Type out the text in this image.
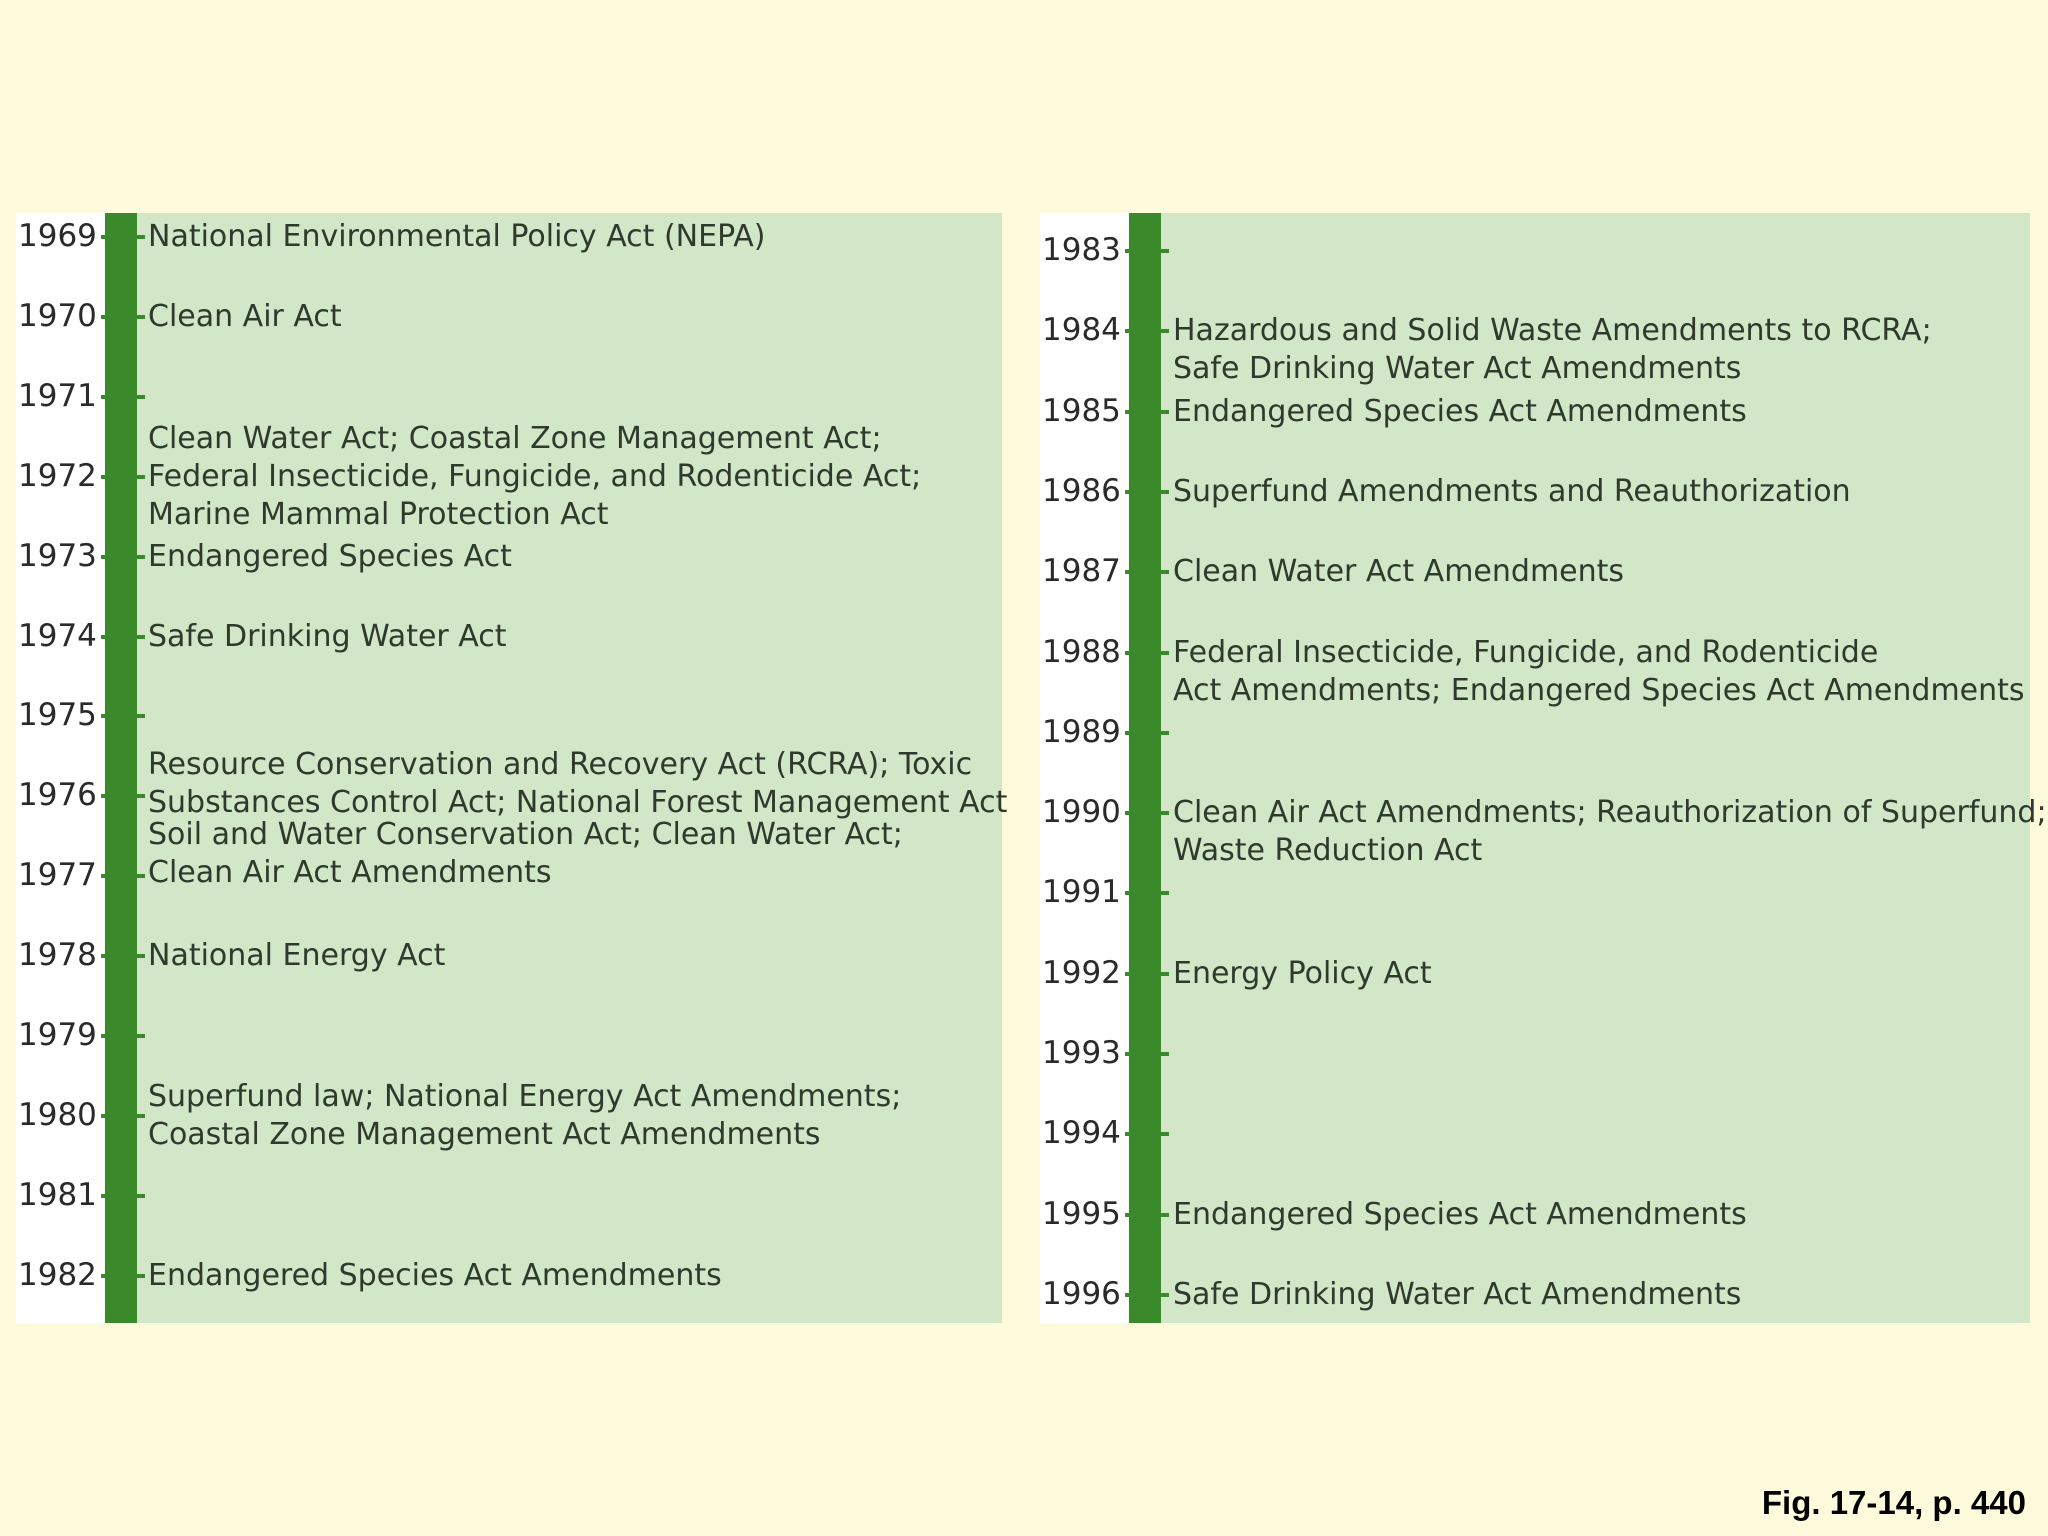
1969 National Environmental Policy Act (NEPA)
1970 Clean Air Act
1971
1972
Clean Water Act; Coastal Zone Management Act;
Federal Insecticide, Fungicide, and Rodenticide Act;
Marine Mammal Protection Act
1973 Endangered Species Act
1974 Safe Drinking Water Act
1975
1976
Resource Conservation and Recovery Act (RCRA); Toxic
Substances Control Act; National Forest Management Act
1977
Soil and Water Conservation Act; Clean Water Act;
Clean Air Act Amendments
1978 National Energy Act
1979
1980
Superfund law; National Energy Act Amendments;
Coastal Zone Management Act Amendments
1981
1982 Endangered Species Act Amendments
1983
1984 Hazardous and Solid Waste Amendments to RCRA;
Safe Drinking Water Act Amendments
1985 Endangered Species Act Amendments
1986 Superfund Amendments and Reauthorization
1987 Clean Water Act Amendments
1988 Federal Insecticide, Fungicide, and Rodenticide
Act Amendments; Endangered Species Act Amendments
1989
1990 Clean Air Act Amendments; Reauthorization of Superfund;
Waste Reduction Act
1991
1992 Energy Policy Act
1993
1994
1995 Endangered Species Act Amendments
1996 Safe Drinking Water Act Amendments
Fig. 17-14, p. 440
